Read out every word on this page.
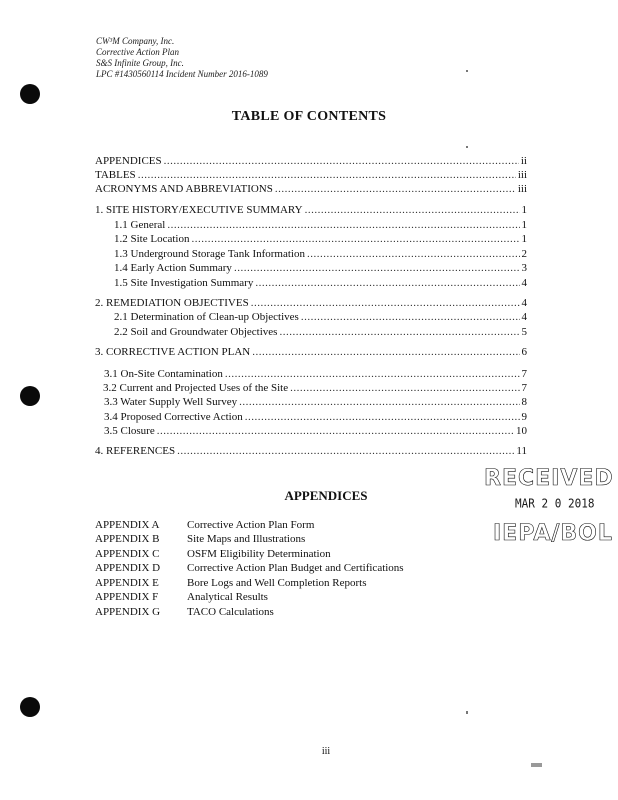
CW³M Company, Inc.
Corrective Action Plan
S&S Infinite Group, Inc.
LPC #1430560114 Incident Number 2016-1089
TABLE OF CONTENTS
APPENDICES .....	ii
TABLES .....	iii
ACRONYMS AND ABBREVIATIONS .....	iii
1. SITE HISTORY/EXECUTIVE SUMMARY .....	1
1.1 General .....	1
1.2 Site Location .....	1
1.3 Underground Storage Tank Information .....	2
1.4 Early Action Summary .....	3
1.5 Site Investigation Summary .....	4
2. REMEDIATION OBJECTIVES .....	4
2.1 Determination of Clean-up Objectives .....	4
2.2 Soil and Groundwater Objectives .....	5
3. CORRECTIVE ACTION PLAN .....	6
3.1 On-Site Contamination .....	7
3.2 Current and Projected Uses of the Site .....	7
3.3 Water Supply Well Survey .....	8
3.4 Proposed Corrective Action .....	9
3.5 Closure .....	10
4. REFERENCES .....	11
RECEIVED
MAR 2 0 2018
IEPA/BOL
APPENDICES
APPENDIX A	Corrective Action Plan Form
APPENDIX B	Site Maps and Illustrations
APPENDIX C	OSFM Eligibility Determination
APPENDIX D Corrective Action Plan Budget and Certifications
APPENDIX E	Bore Logs and Well Completion Reports
APPENDIX F	Analytical Results
APPENDIX G TACO Calculations
iii
